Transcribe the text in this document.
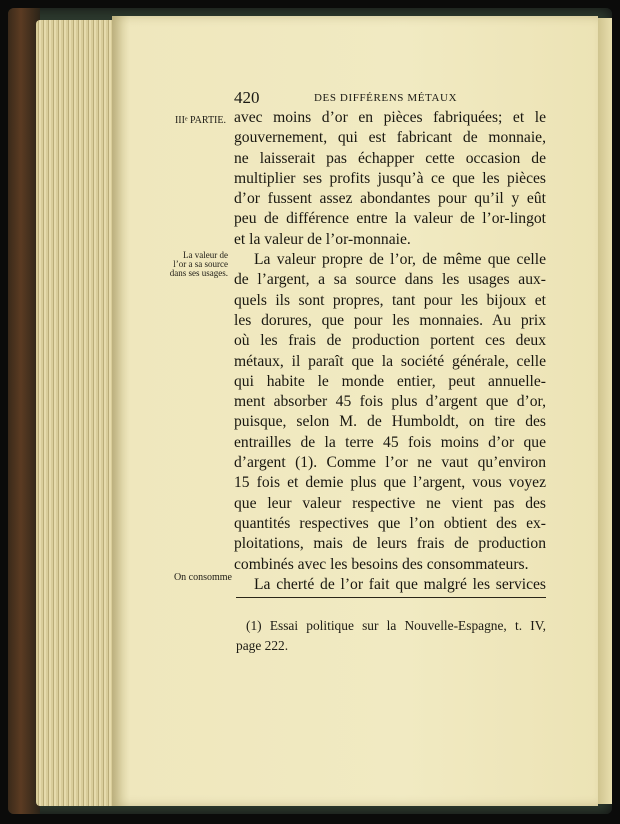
420	DES DIFFÉRENS MÉTAUX
IIIᵉ PARTIE.
La valeur de
l’or a sa source
dans ses usages.
On consomme
avec moins d’or en pièces fabriquées; et le
gouvernement, qui est fabricant de monnaie,
ne laisserait pas échapper cette occasion de
multiplier ses profits jusqu’à ce que les pièces
d’or fussent assez abondantes pour qu’il y eût
peu de différence entre la valeur de l’or-lingot
et la valeur de l’or-monnaie.
La valeur propre de l’or, de même que celle
de l’argent, a sa source dans les usages aux-
quels ils sont propres, tant pour les bijoux et
les dorures, que pour les monnaies. Au prix
où les frais de production portent ces deux
métaux, il paraît que la société générale, celle
qui habite le monde entier, peut annuelle-
ment absorber 45 fois plus d’argent que d’or,
puisque, selon M. de Humboldt, on tire des
entrailles de la terre 45 fois moins d’or que
d’argent (1). Comme l’or ne vaut qu’environ
15 fois et demie plus que l’argent, vous voyez
que leur valeur respective ne vient pas des
quantités respectives que l’on obtient des ex-
ploitations, mais de leurs frais de production
combinés avec les besoins des consommateurs.
La cherté de l’or fait que malgré les services
(1) Essai politique sur la Nouvelle-Espagne, t. IV,
page 222.
